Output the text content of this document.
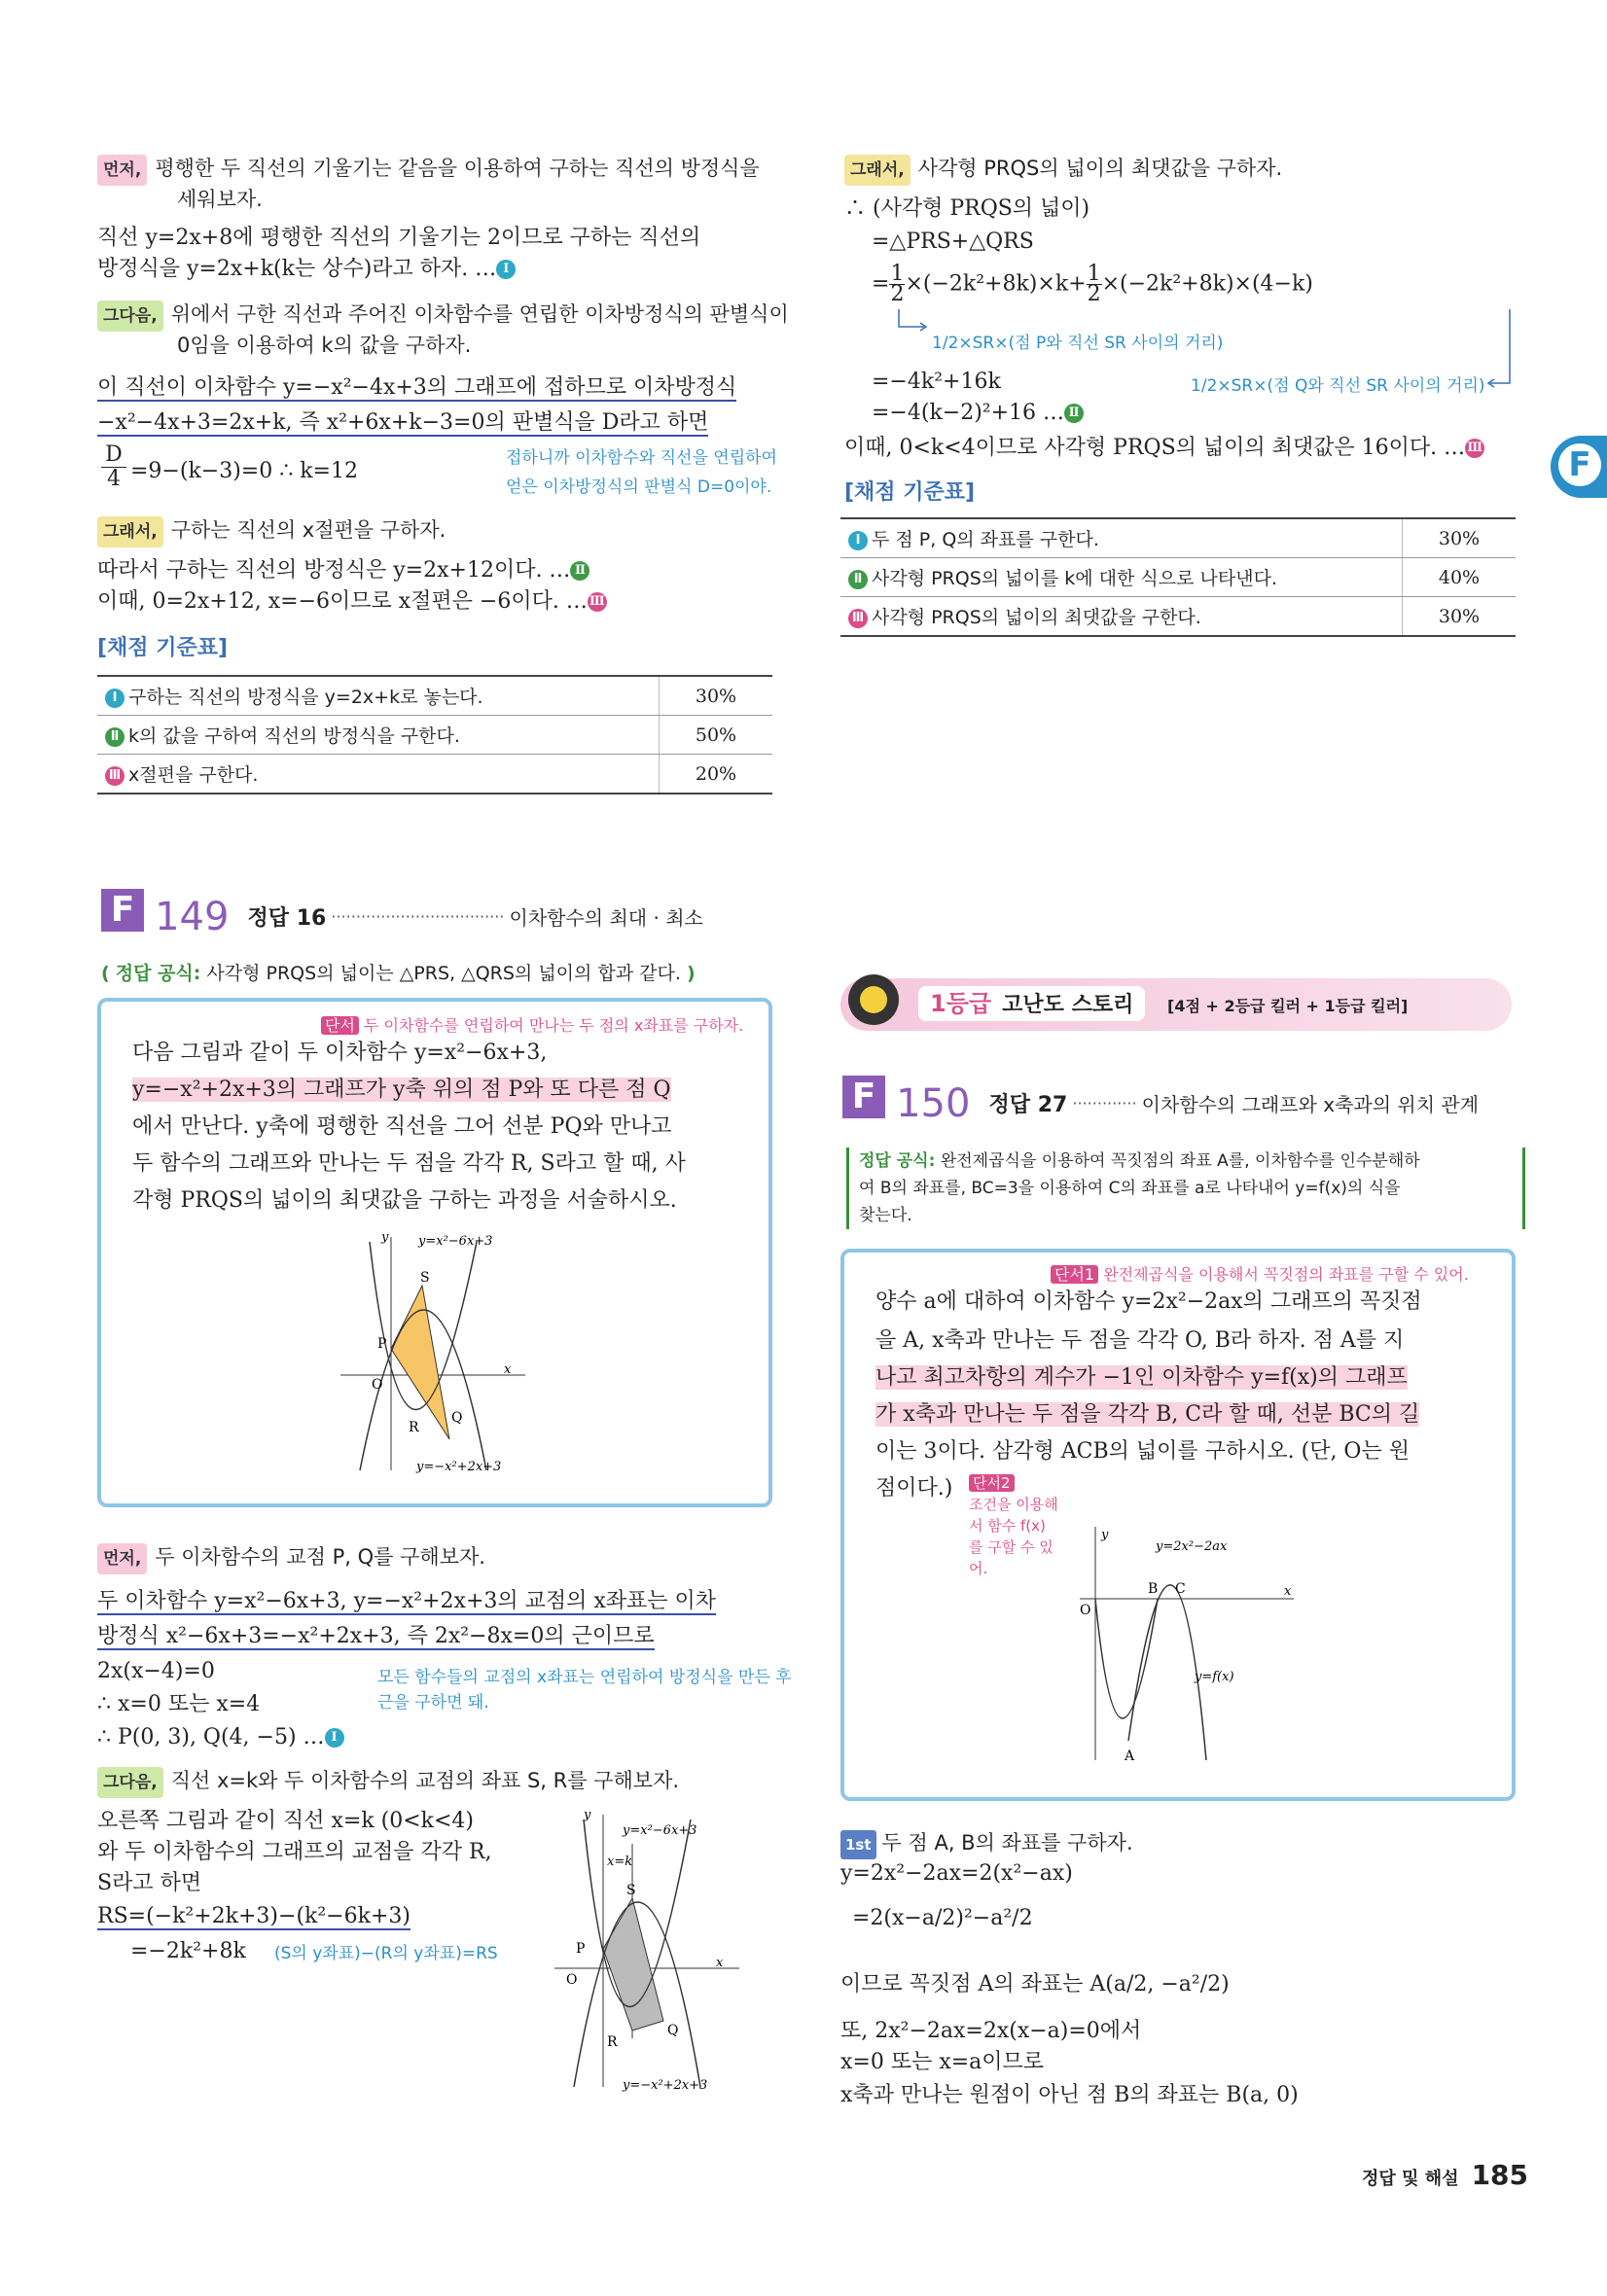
먼저, 평행한 두 직선의 기울기는 같음을 이용하여 구하는 직선의 방정식을
세워보자.
직선 y=2x+8에 평행한 직선의 기울기는 2이므로 구하는 직선의
방정식을 y=2x+k(k는 상수)라고 하자. … Ⅰ
그다음, 위에서 구한 직선과 주어진 이차함수를 연립한 이차방정식의 판별식이
0임을 이용하여 k의 값을 구하자.
이 직선이 이차함수 y=−x²−4x+3의 그래프에 접하므로 이차방정식
−x²−4x+3=2x+k, 즉 x²+6x+k−3=0의 판별식을 D라고 하면
D
4 =9−(k−3)=0 ∴ k=12
접하니까 이차함수와 직선을 연립하여
얻은 이차방정식의 판별식 D=0이야.
그래서, 구하는 직선의 x절편을 구하자.
따라서 구하는 직선의 방정식은 y=2x+12이다. … Ⅱ
이때, 0=2x+12, x=−6이므로 x절편은 −6이다. … Ⅲ
[채점 기준표]
Ⅰ 구하는 직선의 방정식을 y=2x+k로 놓는다.	30%
Ⅱ k의 값을 구하여 직선의 방정식을 구한다.	50%
Ⅲ x절편을 구한다.	20%
그래서, 사각형 PRQS의 넓이의 최댓값을 구하자.
∴ (사각형 PRQS의 넓이)
=△PRS+△QRS
= $\frac{1}{2}\times(-2k^2+8k)\times k+ \frac{1}{2}\times(-2k^2+8k)\times(4-k)$
1/2×SR×(점 P와 직선 SR 사이의 거리)
=−4k²+16k	1/2×SR×(점 Q와 직선 SR 사이의 거리)
=−4(k−2)²+16 … Ⅱ
이때, 0<k<4이므로 사각형 PRQS의 넓이의 최댓값은 16이다. … Ⅲ
[채점 기준표]
Ⅰ 두 점 P, Q의 좌표를 구한다.	30%
Ⅱ 사각형 PRQS의 넓이를 k에 대한 식으로 나타낸다.	40%
Ⅲ 사각형 PRQS의 넓이의 최댓값을 구한다.	30%
F
F 149 정답 16 ··································· 이차함수의 최대 · 최소
( 정답 공식: 사각형 PRQS의 넓이는 △PRS, △QRS의 넓이의 합과 같다. )
단서 두 이차함수를 연립하여 만나는 두 점의 x좌표를 구하자.
다음 그림과 같이 두 이차함수 y=x²−6x+3,
y=−x²+2x+3의 그래프가 y축 위의 점 P와 또 다른 점 Q
에서 만난다. y축에 평행한 직선을 그어 선분 PQ와 만나고
두 함수의 그래프와 만나는 두 점을 각각 R, S라고 할 때, 사
각형 PRQS의 넓이의 최댓값을 구하는 과정을 서술하시오.
y
x
O
y=x²−6x+3
y=−x²+2x+3
P
S
R
Q
먼저, 두 이차함수의 교점 P, Q를 구해보자.
두 이차함수 y=x²−6x+3, y=−x²+2x+3의 교점의 x좌표는 이차
방정식 x²−6x+3=−x²+2x+3, 즉 2x²−8x=0의 근이므로
2x(x−4)=0
∴ x=0 또는 x=4
∴ P(0, 3), Q(4, −5) … Ⅰ
모든 함수들의 교점의 x좌표는 연립하여 방정식을 만든 후
근을 구하면 돼.
그다음, 직선 x=k와 두 이차함수의 교점의 좌표 S, R를 구해보자.
오른쪽 그림과 같이 직선 x=k (0<k<4)
와 두 이차함수의 그래프의 교점을 각각 R,
S라고 하면
RS=(−k²+2k+3)−(k²−6k+3)
=−2k²+8k (S의 y좌표)−(R의 y좌표)=RS
y
x
O
y=x²−6x+3
x=k
y=−x²+2x+3
P
S
R
Q
1등급 고난도 스토리	[4점 + 2등급 킬러 + 1등급 킬러]
F 150 정답 27 ············· 이차함수의 그래프와 x축과의 위치 관계
정답 공식: 완전제곱식을 이용하여 꼭짓점의 좌표 A를, 이차함수를 인수분해하
여 B의 좌표를, BC=3을 이용하여 C의 좌표를 a로 나타내어 y=f(x)의 식을
찾는다.
단서1 완전제곱식을 이용해서 꼭짓점의 좌표를 구할 수 있어.
양수 a에 대하여 이차함수 y=2x²−2ax의 그래프의 꼭짓점
을 A, x축과 만나는 두 점을 각각 O, B라 하자. 점 A를 지
나고 최고차항의 계수가 −1인 이차함수 y=f(x)의 그래프
가 x축과 만나는 두 점을 각각 B, C라 할 때, 선분 BC의 길
이는 3이다. 삼각형 ACB의 넓이를 구하시오. (단, O는 원
점이다.) 단서2
조건을 이용해
서 함수 f(x)
를 구할 수 있
어.
y
x
O
B C
A
y=2x²−2ax
y=f(x)
1st 두 점 A, B의 좌표를 구하자.
y=2x²−2ax=2(x²−ax)
=2(x−a/2)²−a²/2
이므로 꼭짓점 A의 좌표는 A(a/2, −a²/2)
또, 2x²−2ax=2x(x−a)=0에서
x=0 또는 x=a이므로
x축과 만나는 원점이 아닌 점 B의 좌표는 B(a, 0)
정답 및 해설 185
